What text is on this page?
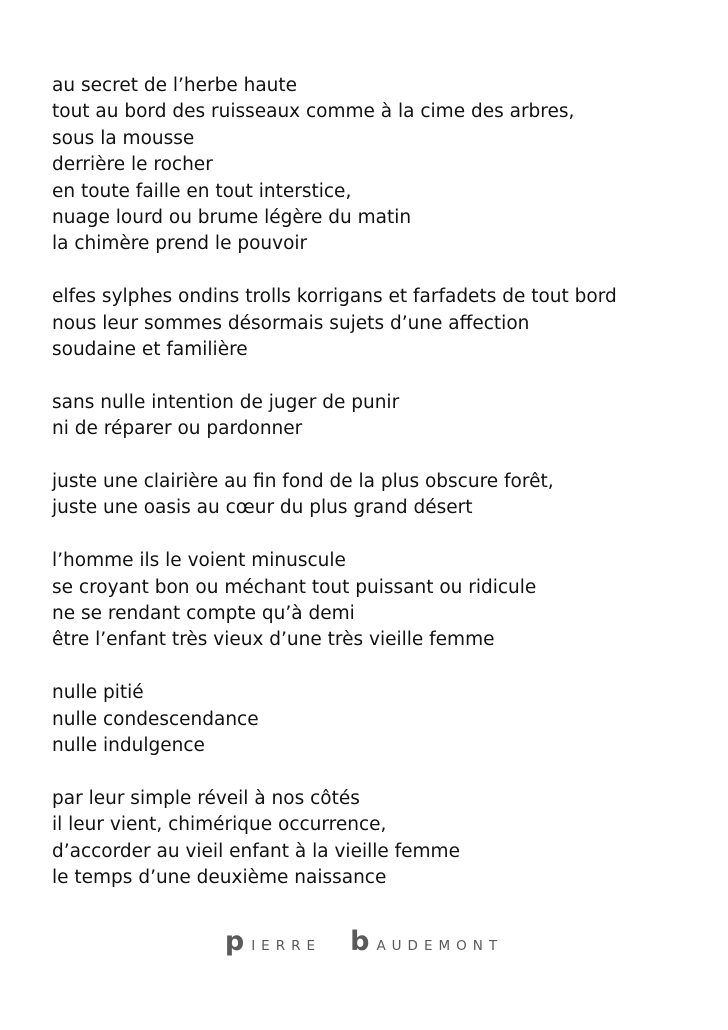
au secret de l’herbe haute
tout au bord des ruisseaux comme à la cime des arbres,
sous la mousse
derrière le rocher
en toute faille en tout interstice,
nuage lourd ou brume légère du matin
la chimère prend le pouvoir
elfes sylphes ondins trolls korrigans et farfadets de tout bord
nous leur sommes désormais sujets d’une affection
soudaine et familière
sans nulle intention de juger de punir
ni de réparer ou pardonner
juste une clairière au fin fond de la plus obscure forêt,
juste une oasis au cœur du plus grand désert
l’homme ils le voient minuscule
se croyant bon ou méchant tout puissant ou ridicule
ne se rendant compte qu’à demi
être l’enfant très vieux d’une très vieille femme
nulle pitié
nulle condescendance
nulle indulgence
par leur simple réveil à nos côtés
il leur vient, chimérique occurrence,
d’accorder au vieil enfant à la vieille femme
le temps d’une deuxième naissance
p IERRE b AUDEMONT
